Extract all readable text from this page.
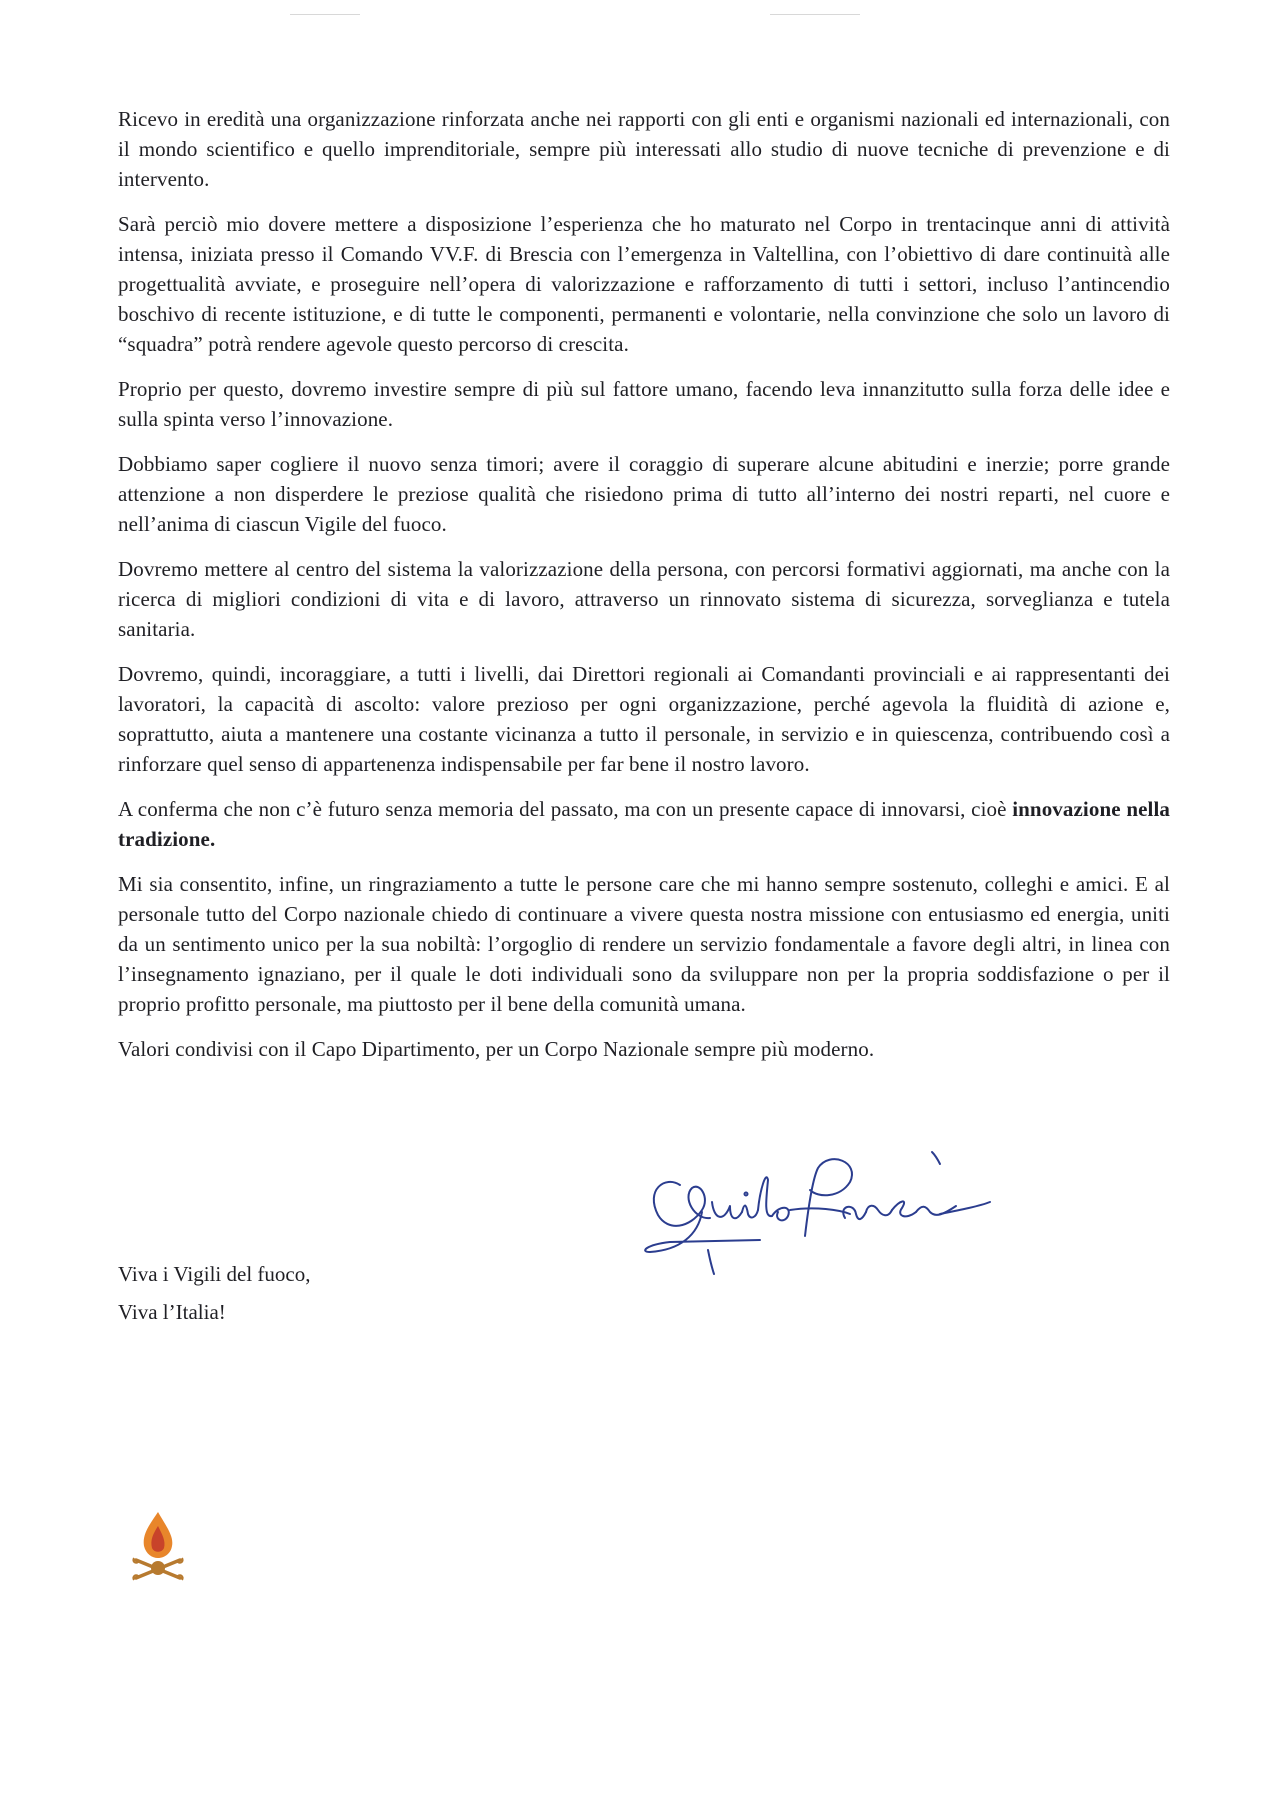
Ricevo in eredità una organizzazione rinforzata anche nei rapporti con gli enti e organismi nazionali ed internazionali, con il mondo scientifico e quello imprenditoriale, sempre più interessati allo studio di nuove tecniche di prevenzione e di intervento.

Sarà perciò mio dovere mettere a disposizione l’esperienza che ho maturato nel Corpo in trentacinque anni di attività intensa, iniziata presso il Comando VV.F. di Brescia con l’emergenza in Valtellina, con l’obiettivo di dare continuità alle progettualità avviate, e proseguire nell’opera di valorizzazione e rafforzamento di tutti i settori, incluso l’antincendio boschivo di recente istituzione, e di tutte le componenti, permanenti e volontarie, nella convinzione che solo un lavoro di “squadra” potrà rendere agevole questo percorso di crescita.

Proprio per questo, dovremo investire sempre di più sul fattore umano, facendo leva innanzitutto sulla forza delle idee e sulla spinta verso l’innovazione.

Dobbiamo saper cogliere il nuovo senza timori; avere il coraggio di superare alcune abitudini e inerzie; porre grande attenzione a non disperdere le preziose qualità che risiedono prima di tutto all’interno dei nostri reparti, nel cuore e nell’anima di ciascun Vigile del fuoco.

Dovremo mettere al centro del sistema la valorizzazione della persona, con percorsi formativi aggiornati, ma anche con la ricerca di migliori condizioni di vita e di lavoro, attraverso un rinnovato sistema di sicurezza, sorveglianza e tutela sanitaria.

Dovremo, quindi, incoraggiare, a tutti i livelli, dai Direttori regionali ai Comandanti provinciali e ai rappresentanti dei lavoratori, la capacità di ascolto: valore prezioso per ogni organizzazione, perché agevola la fluidità di azione e, soprattutto, aiuta a mantenere una costante vicinanza a tutto il personale, in servizio e in quiescenza, contribuendo così a rinforzare quel senso di appartenenza indispensabile per far bene il nostro lavoro.

A conferma che non c’è futuro senza memoria del passato, ma con un presente capace di innovarsi, cioè innovazione nella tradizione.

Mi sia consentito, infine, un ringraziamento a tutte le persone care che mi hanno sempre sostenuto, colleghi e amici. E al personale tutto del Corpo nazionale chiedo di continuare a vivere questa nostra missione con entusiasmo ed energia, uniti da un sentimento unico per la sua nobiltà: l’orgoglio di rendere un servizio fondamentale a favore degli altri, in linea con l’insegnamento ignaziano, per il quale le doti individuali sono da sviluppare non per la propria soddisfazione o per il proprio profitto personale, ma piuttosto per il bene della comunità umana.

Valori condivisi con il Capo Dipartimento, per un Corpo Nazionale sempre più moderno.

Viva i Vigili del fuoco,
Viva l’Italia!
